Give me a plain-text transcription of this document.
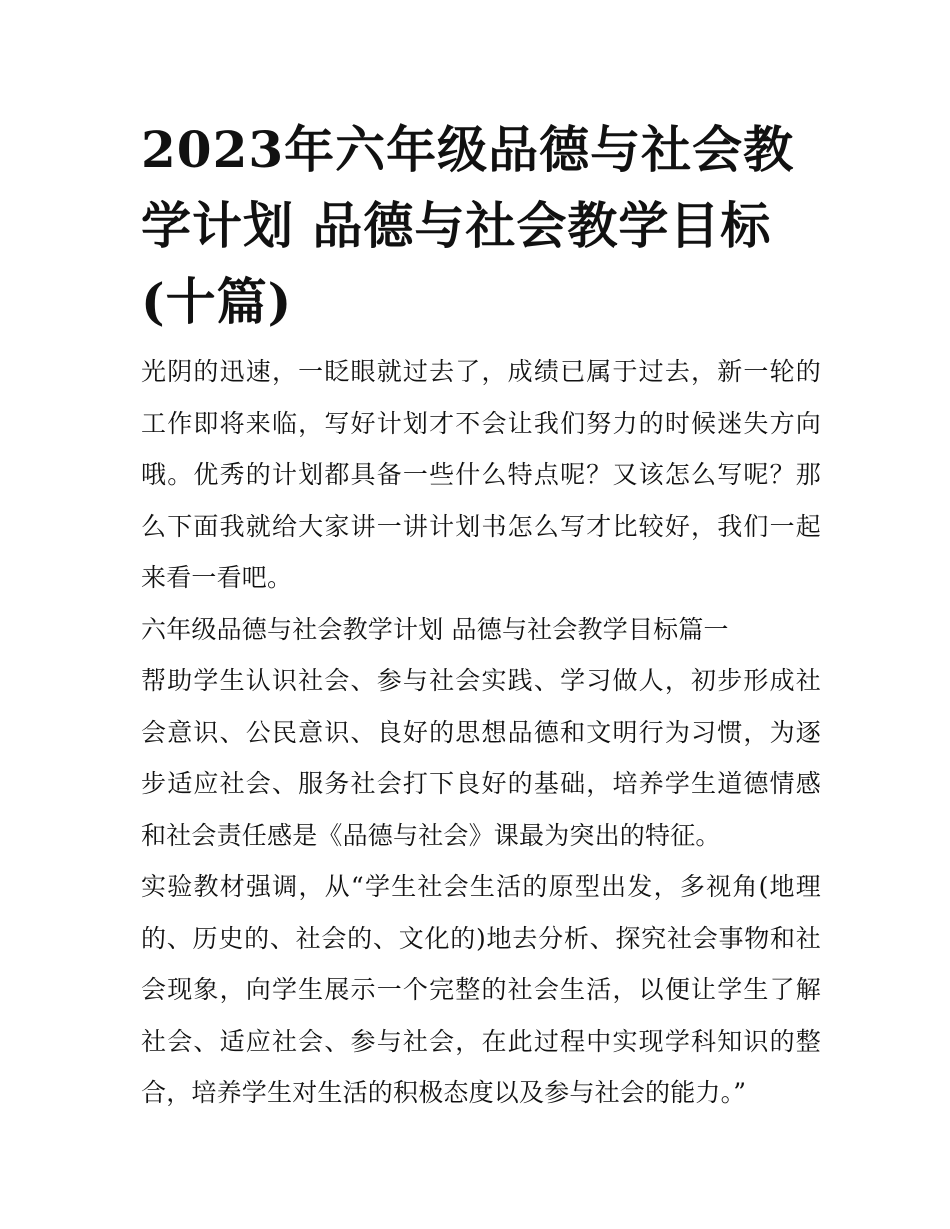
2023年六年级品德与社会教学计划 品德与社会教学目标(十篇)

光阴的迅速，一眨眼就过去了，成绩已属于过去，新一轮的工作即将来临，写好计划才不会让我们努力的时候迷失方向哦。优秀的计划都具备一些什么特点呢？又该怎么写呢？那么下面我就给大家讲一讲计划书怎么写才比较好，我们一起来看一看吧。

六年级品德与社会教学计划 品德与社会教学目标篇一

帮助学生认识社会、参与社会实践、学习做人，初步形成社会意识、公民意识、良好的思想品德和文明行为习惯，为逐步适应社会、服务社会打下良好的基础，培养学生道德情感和社会责任感是《品德与社会》课最为突出的特征。

实验教材强调，从“学生社会生活的原型出发，多视角(地理的、历史的、社会的、文化的)地去分析、探究社会事物和社会现象，向学生展示一个完整的社会生活，以便让学生了解社会、适应社会、参与社会，在此过程中实现学科知识的整合，培养学生对生活的积极态度以及参与社会的能力。”
